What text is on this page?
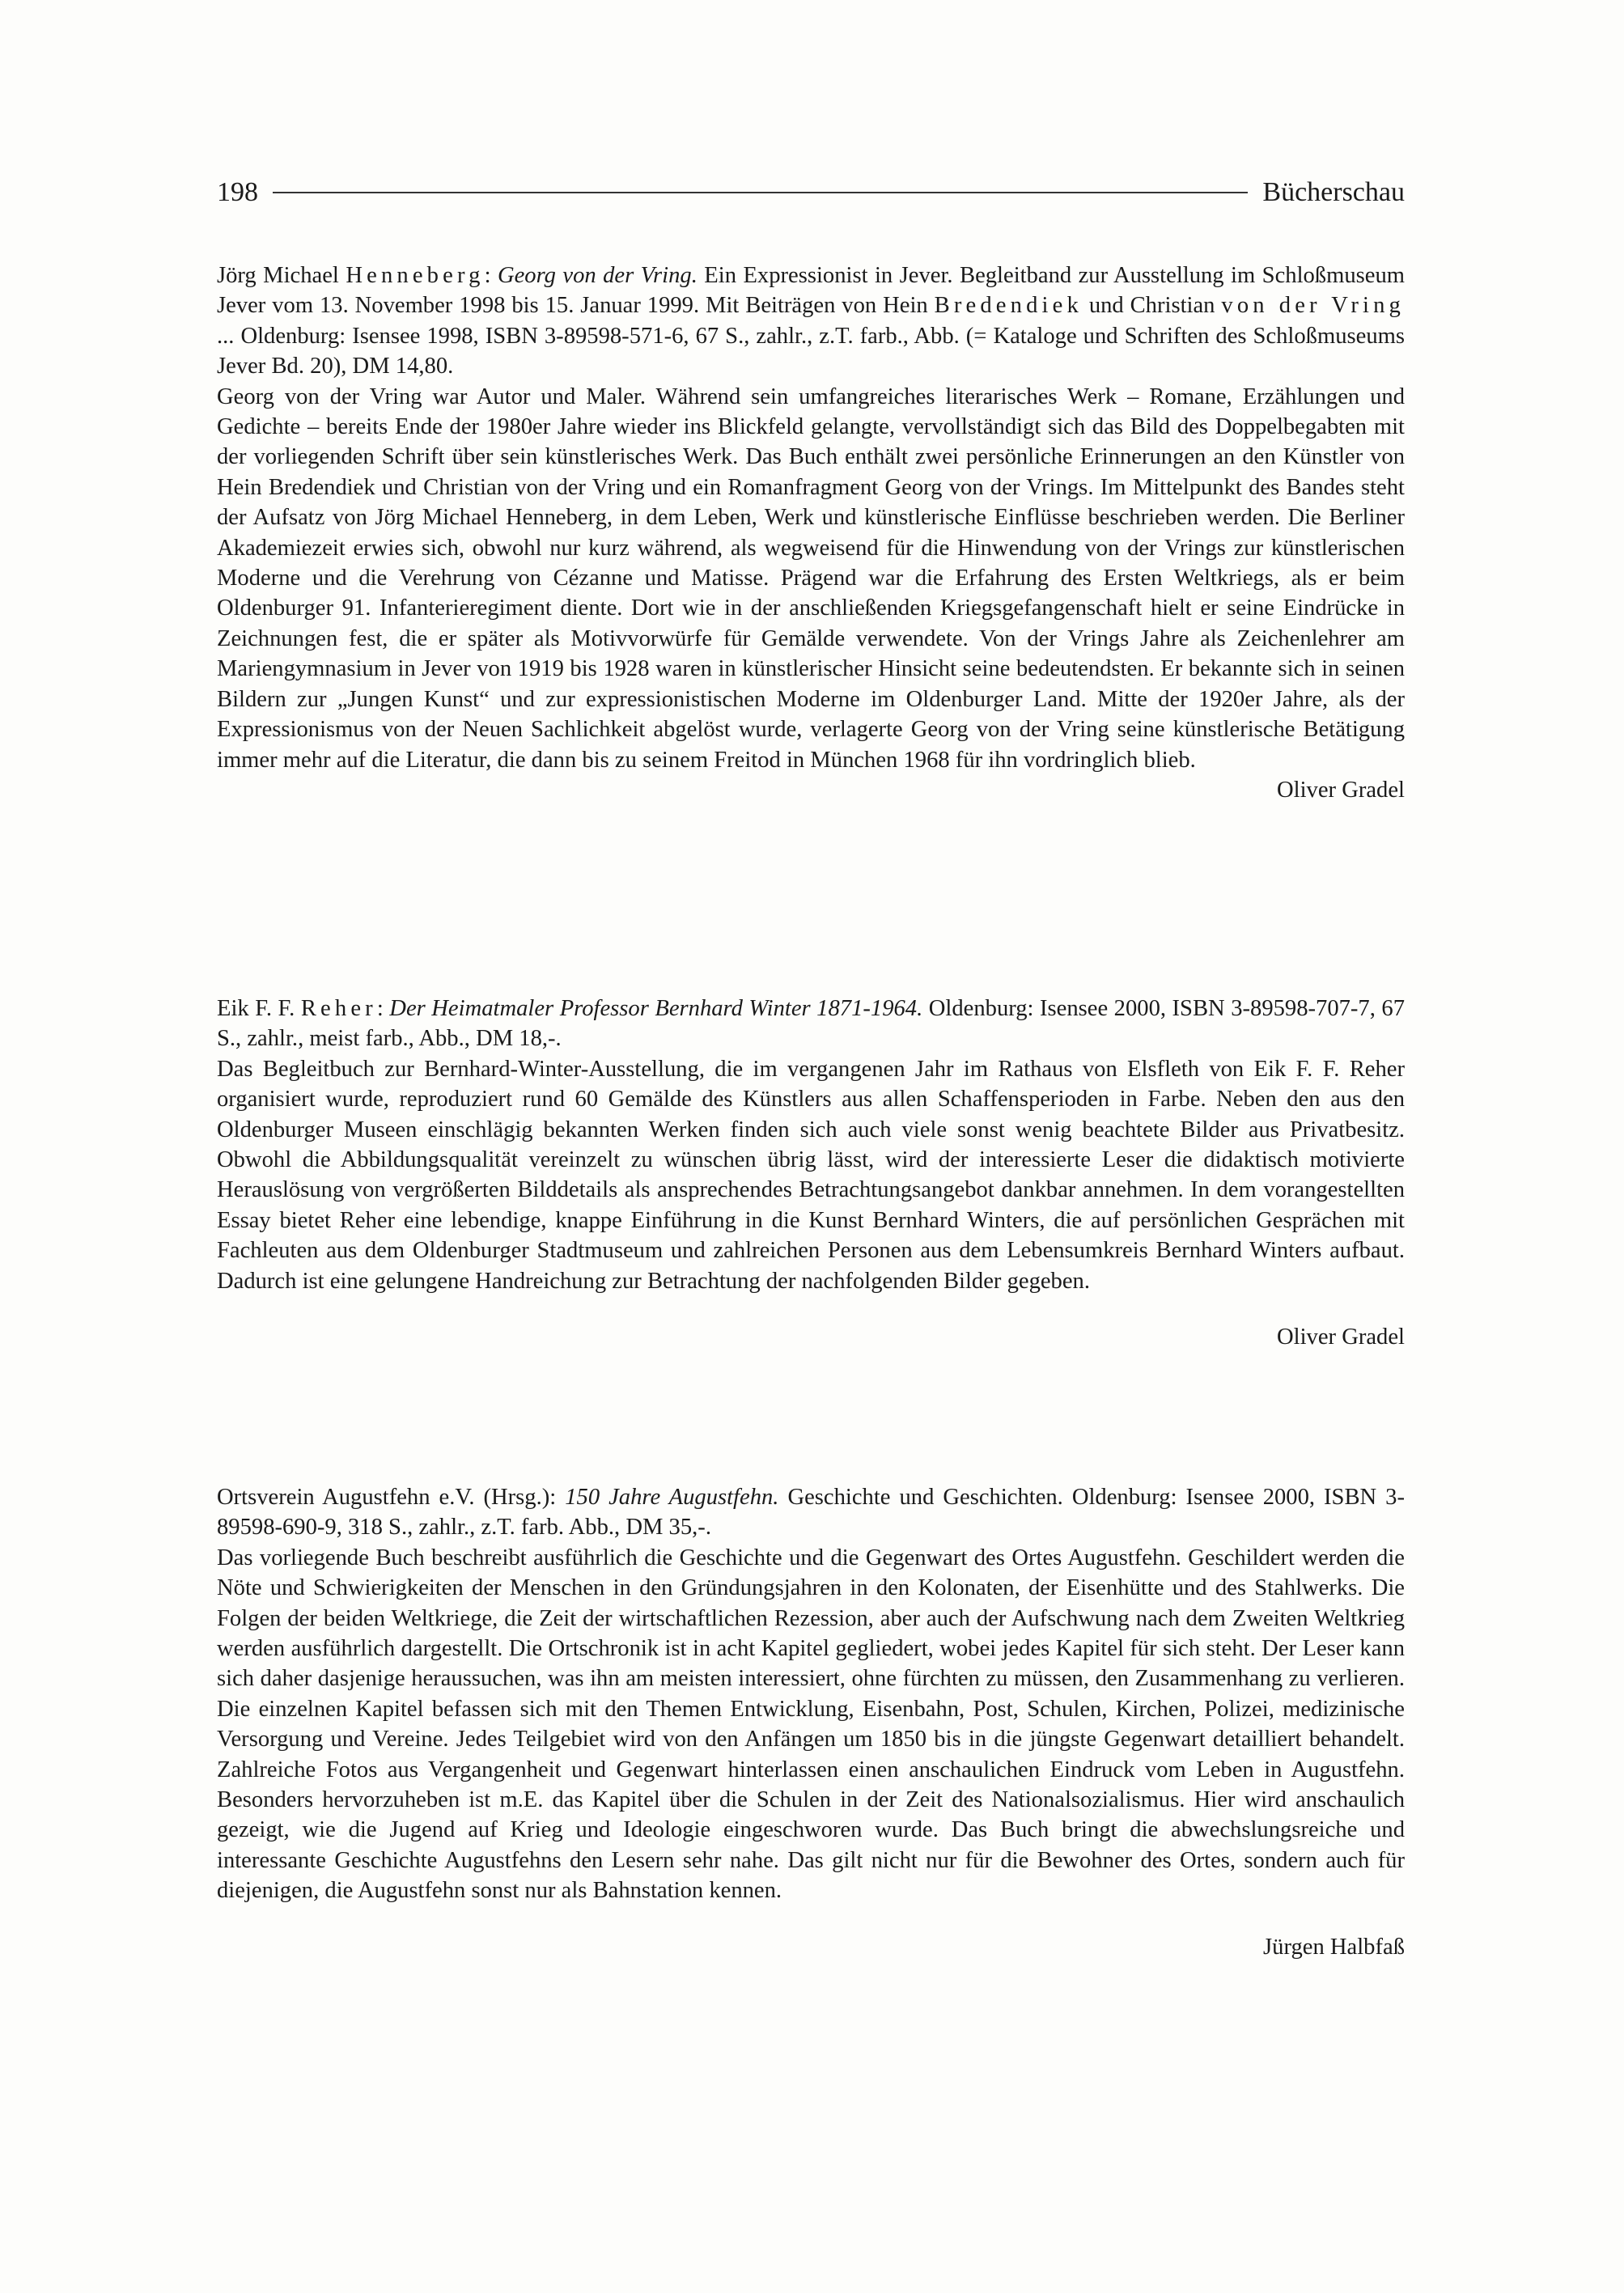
198	Bücherschau

Jörg Michael Henneberg: Georg von der Vring. Ein Expressionist in Jever. Begleitband zur Ausstellung im Schloßmuseum Jever vom 13. November 1998 bis 15. Januar 1999. Mit Beiträgen von Hein Bredendiek und Christian von der Vring ... Oldenburg: Isensee 1998, ISBN 3-89598-571-6, 67 S., zahlr., z.T. farb., Abb. (= Kataloge und Schriften des Schloßmuseums Jever Bd. 20), DM 14,80.

Georg von der Vring war Autor und Maler. Während sein umfangreiches literarisches Werk – Romane, Erzählungen und Gedichte – bereits Ende der 1980er Jahre wieder ins Blickfeld gelangte, vervollständigt sich das Bild des Doppelbegabten mit der vorliegenden Schrift über sein künstlerisches Werk. Das Buch enthält zwei persönliche Erinnerungen an den Künstler von Hein Bredendiek und Christian von der Vring und ein Romanfragment Georg von der Vrings. Im Mittelpunkt des Bandes steht der Aufsatz von Jörg Michael Henneberg, in dem Leben, Werk und künstlerische Einflüsse beschrieben werden. Die Berliner Akademiezeit erwies sich, obwohl nur kurz während, als wegweisend für die Hinwendung von der Vrings zur künstlerischen Moderne und die Verehrung von Cézanne und Matisse. Prägend war die Erfahrung des Ersten Weltkriegs, als er beim Oldenburger 91. Infanterieregiment diente. Dort wie in der anschließenden Kriegsgefangenschaft hielt er seine Eindrücke in Zeichnungen fest, die er später als Motivvorwürfe für Gemälde verwendete. Von der Vrings Jahre als Zeichenlehrer am Mariengymnasium in Jever von 1919 bis 1928 waren in künstlerischer Hinsicht seine bedeutendsten. Er bekannte sich in seinen Bildern zur „Jungen Kunst“ und zur expressionistischen Moderne im Oldenburger Land. Mitte der 1920er Jahre, als der Expressionismus von der Neuen Sachlichkeit abgelöst wurde, verlagerte Georg von der Vring seine künstlerische Betätigung immer mehr auf die Literatur, die dann bis zu seinem Freitod in München 1968 für ihn vordringlich blieb.

Oliver Gradel

Eik F. F. Reher: Der Heimatmaler Professor Bernhard Winter 1871-1964. Oldenburg: Isensee 2000, ISBN 3-89598-707-7, 67 S., zahlr., meist farb., Abb., DM 18,-.

Das Begleitbuch zur Bernhard-Winter-Ausstellung, die im vergangenen Jahr im Rathaus von Elsfleth von Eik F. F. Reher organisiert wurde, reproduziert rund 60 Gemälde des Künstlers aus allen Schaffensperioden in Farbe. Neben den aus den Oldenburger Museen einschlägig bekannten Werken finden sich auch viele sonst wenig beachtete Bilder aus Privatbesitz. Obwohl die Abbildungsqualität vereinzelt zu wünschen übrig lässt, wird der interessierte Leser die didaktisch motivierte Herauslösung von vergrößerten Bilddetails als ansprechendes Betrachtungsangebot dankbar annehmen. In dem vorangestellten Essay bietet Reher eine lebendige, knappe Einführung in die Kunst Bernhard Winters, die auf persönlichen Gesprächen mit Fachleuten aus dem Oldenburger Stadtmuseum und zahlreichen Personen aus dem Lebensumkreis Bernhard Winters aufbaut. Dadurch ist eine gelungene Handreichung zur Betrachtung der nachfolgenden Bilder gegeben.

Oliver Gradel

Ortsverein Augustfehn e.V. (Hrsg.): 150 Jahre Augustfehn. Geschichte und Geschichten. Oldenburg: Isensee 2000, ISBN 3-89598-690-9, 318 S., zahlr., z.T. farb. Abb., DM 35,-.

Das vorliegende Buch beschreibt ausführlich die Geschichte und die Gegenwart des Ortes Augustfehn. Geschildert werden die Nöte und Schwierigkeiten der Menschen in den Gründungsjahren in den Kolonaten, der Eisenhütte und des Stahlwerks. Die Folgen der beiden Weltkriege, die Zeit der wirtschaftlichen Rezession, aber auch der Aufschwung nach dem Zweiten Weltkrieg werden ausführlich dargestellt. Die Ortschronik ist in acht Kapitel gegliedert, wobei jedes Kapitel für sich steht. Der Leser kann sich daher dasjenige heraussuchen, was ihn am meisten interessiert, ohne fürchten zu müssen, den Zusammenhang zu verlieren. Die einzelnen Kapitel befassen sich mit den Themen Entwicklung, Eisenbahn, Post, Schulen, Kirchen, Polizei, medizinische Versorgung und Vereine. Jedes Teilgebiet wird von den Anfängen um 1850 bis in die jüngste Gegenwart detailliert behandelt. Zahlreiche Fotos aus Vergangenheit und Gegenwart hinterlassen einen anschaulichen Eindruck vom Leben in Augustfehn. Besonders hervorzuheben ist m.E. das Kapitel über die Schulen in der Zeit des Nationalsozialismus. Hier wird anschaulich gezeigt, wie die Jugend auf Krieg und Ideologie eingeschworen wurde. Das Buch bringt die abwechslungsreiche und interessante Geschichte Augustfehns den Lesern sehr nahe. Das gilt nicht nur für die Bewohner des Ortes, sondern auch für diejenigen, die Augustfehn sonst nur als Bahnstation kennen.

Jürgen Halbfaß
